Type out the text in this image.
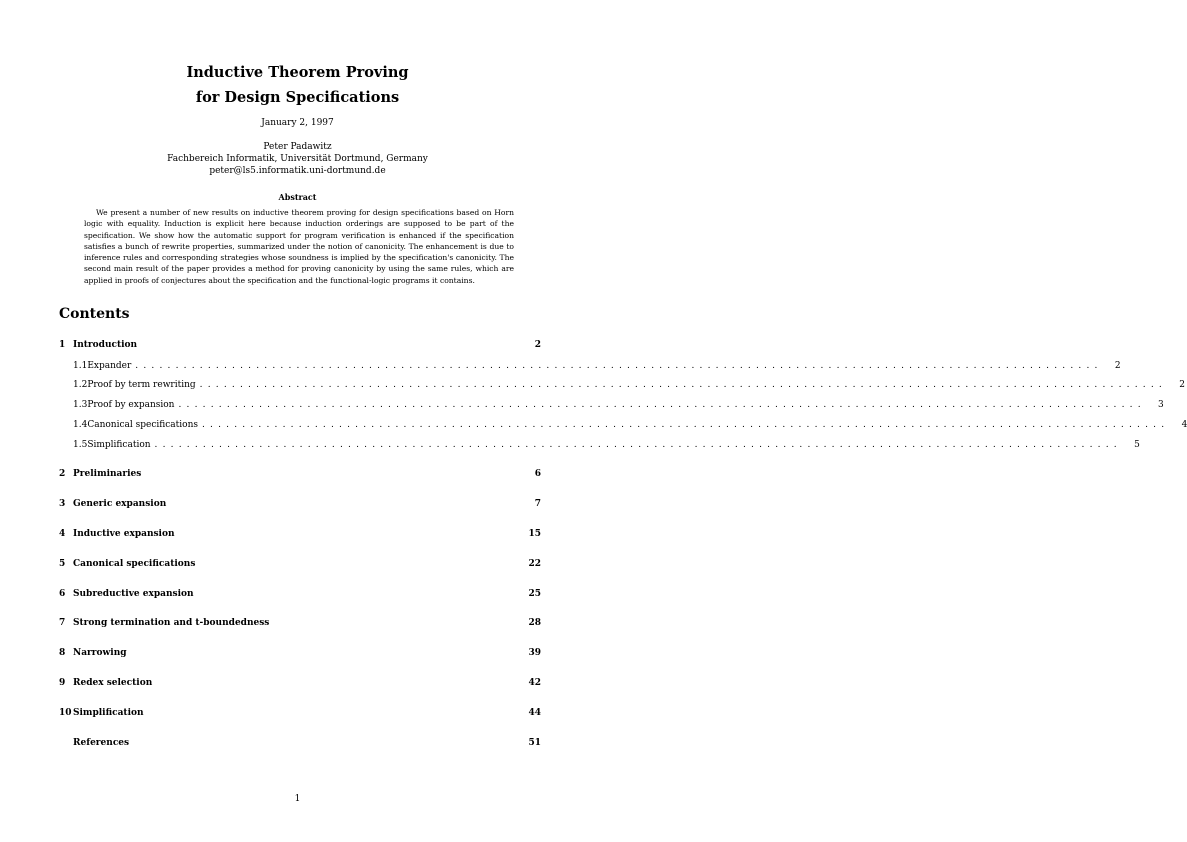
Inductive Theorem Proving
for Design Specifications
January 2, 1997
Peter Padawitz
Fachbereich Informatik, Universität Dortmund, Germany
peter@ls5.informatik.uni-dortmund.de
Abstract
We present a number of new results on inductive theorem proving for design specifications based on Horn logic with equality. Induction is explicit here because induction orderings are supposed to be part of the specification. We show how the automatic support for program verification is enhanced if the specification satisfies a bunch of rewrite properties, summarized under the notion of canonicity. The enhancement is due to inference rules and corresponding strategies whose soundness is implied by the specification's canonicity. The second main result of the paper provides a method for proving canonicity by using the same rules, which are applied in proofs of conjectures about the specification and the functional-logic programs it contains.
Contents
1 Introduction	2
1.1 Expander ........................................................................................................................	2
1.2 Proof by term rewriting ........................................................................................................................	2
1.3 Proof by expansion ........................................................................................................................	3
1.4 Canonical specifications ........................................................................................................................	4
1.5 Simplification ........................................................................................................................	5
2 Preliminaries	6
3 Generic expansion	7
4 Inductive expansion	15
5 Canonical specifications	22
6 Subreductive expansion	25
7 Strong termination and t-boundedness	28
8 Narrowing	39
9 Redex selection	42
10 Simplification	44
References	51
1
